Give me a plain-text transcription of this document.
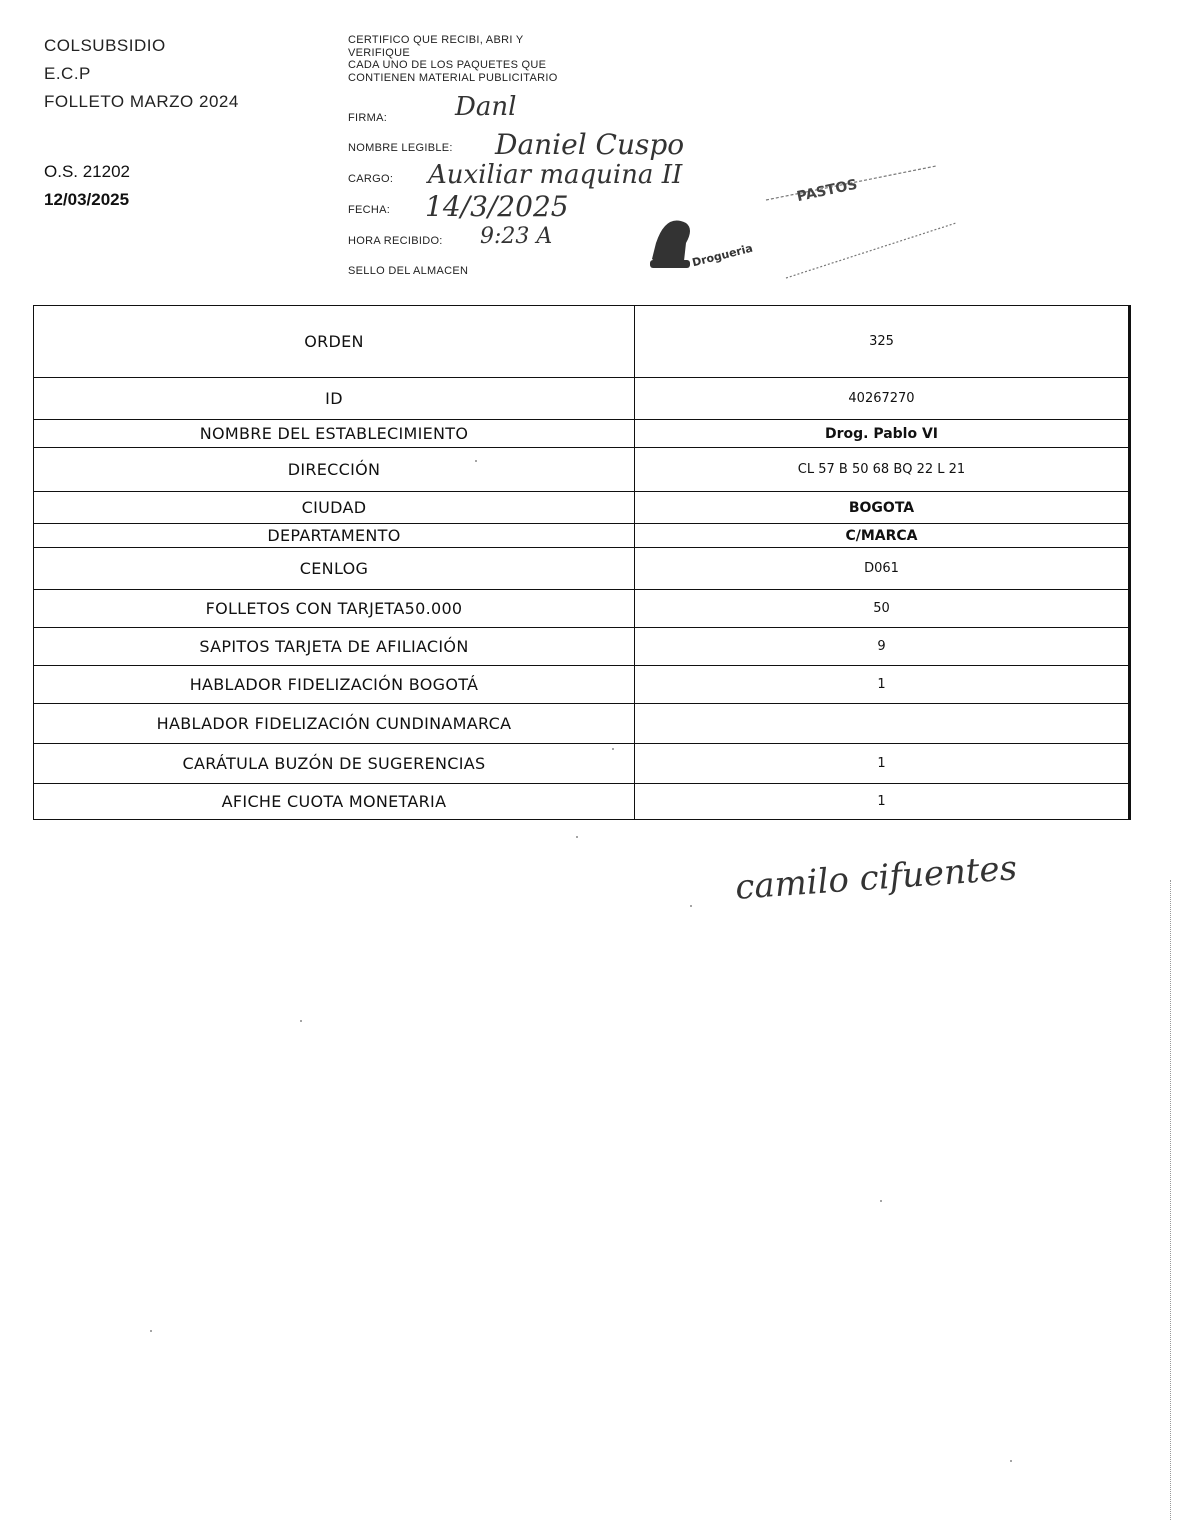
COLSUBSIDIO
E.C.P
FOLLETO MARZO 2024
O.S. 21202
12/03/2025
CERTIFICO QUE RECIBI, ABRI Y
VERIFIQUE
CADA UNO DE LOS PAQUETES QUE
CONTIENEN MATERIAL PUBLICITARIO
FIRMA:
NOMBRE LEGIBLE:
CARGO:
FECHA:
HORA RECIBIDO:
SELLO DEL ALMACEN
Danl
Daniel Cuspo
Auxiliar maquina II
14/3/2025
9:23 A
PASTOS
Drogueria
ORDEN	325
ID	40267270
NOMBRE DEL ESTABLECIMIENTO	Drog. Pablo VI
DIRECCIÓN	CL 57 B 50 68 BQ 22 L 21
CIUDAD	BOGOTA
DEPARTAMENTO	C/MARCA
CENLOG	D061
FOLLETOS CON TARJETA50.000	50
SAPITOS TARJETA DE AFILIACIÓN	9
HABLADOR FIDELIZACIÓN BOGOTÁ	1
HABLADOR FIDELIZACIÓN CUNDINAMARCA	
CARÁTULA BUZÓN DE SUGERENCIAS	1
AFICHE CUOTA MONETARIA	1
camilo cifuentes
